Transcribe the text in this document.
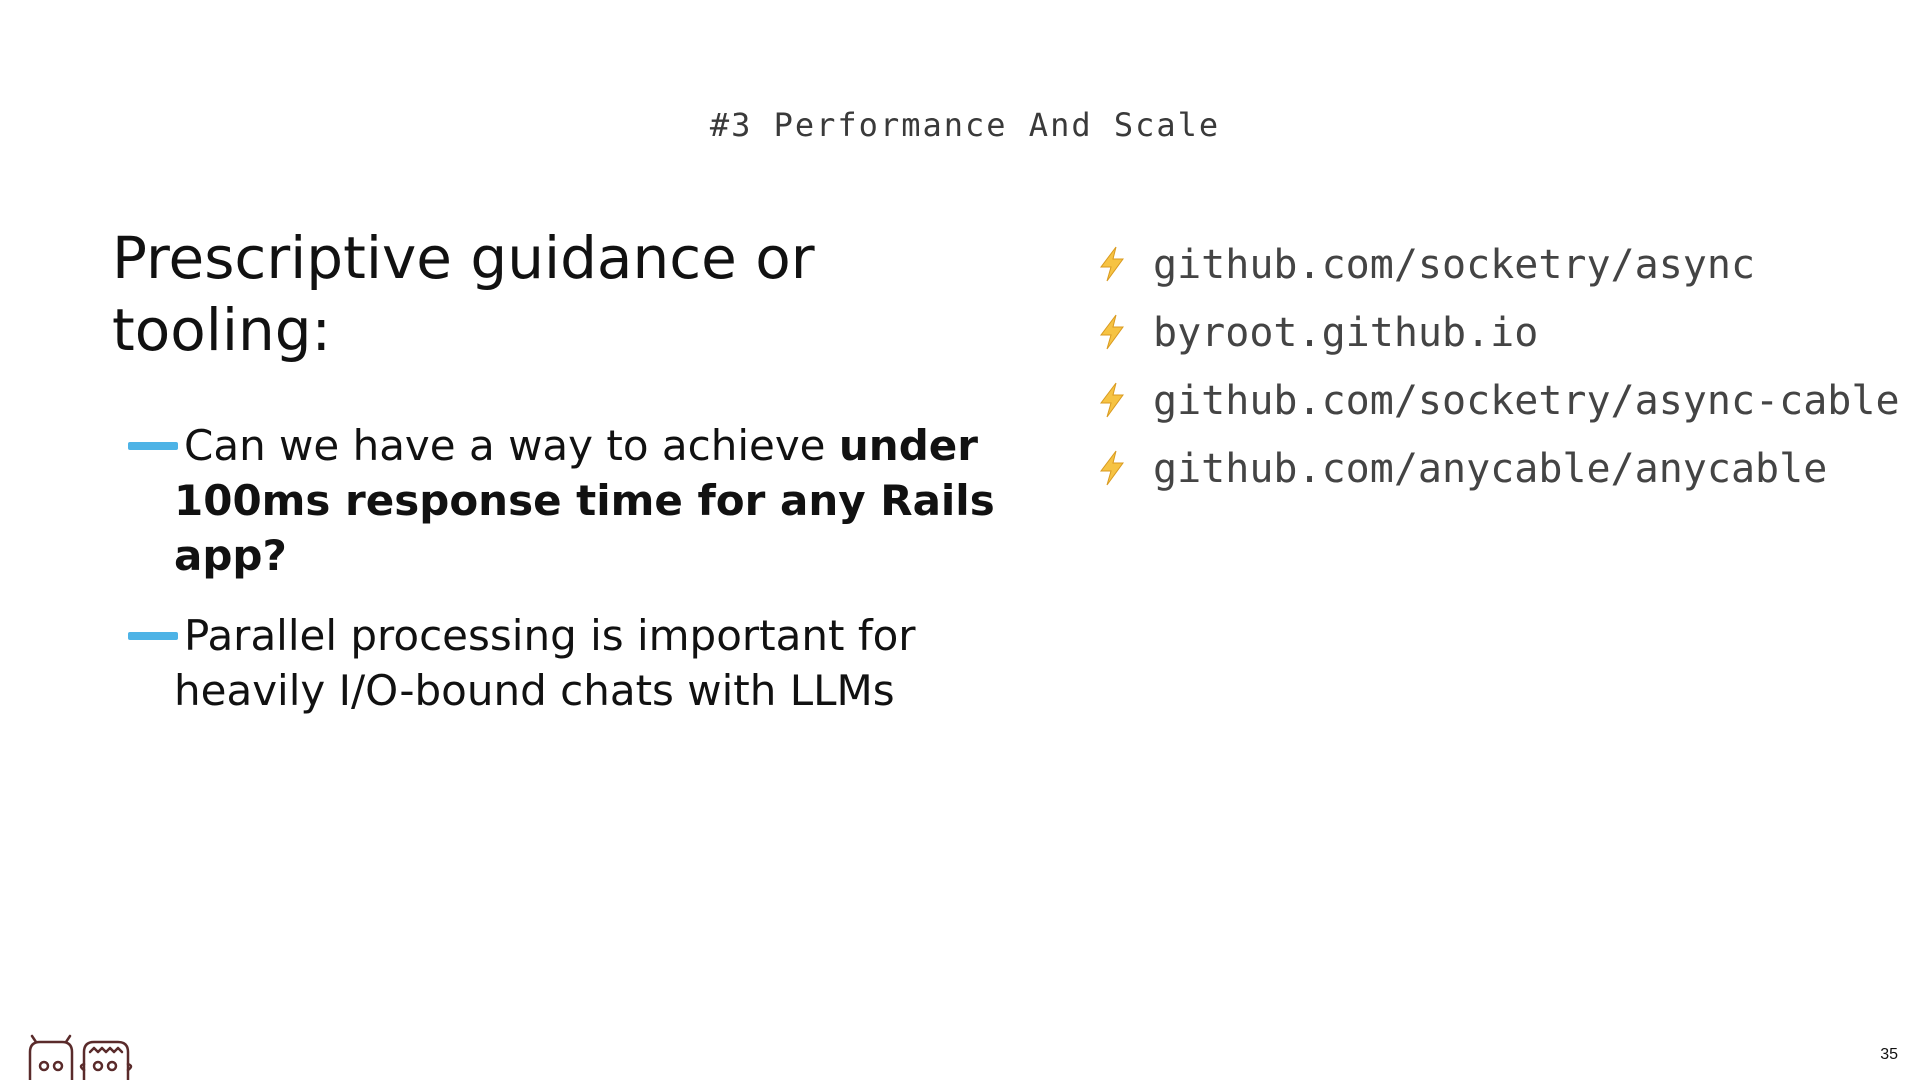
#3 Performance And Scale
Prescriptive guidance or tooling:
Can we have a way to achieve under 100ms response time for any Rails app?
Parallel processing is important for heavily I/O-bound chats with LLMs
github.com/socketry/async
byroot.github.io
github.com/socketry/async-cable
github.com/anycable/anycable
35
